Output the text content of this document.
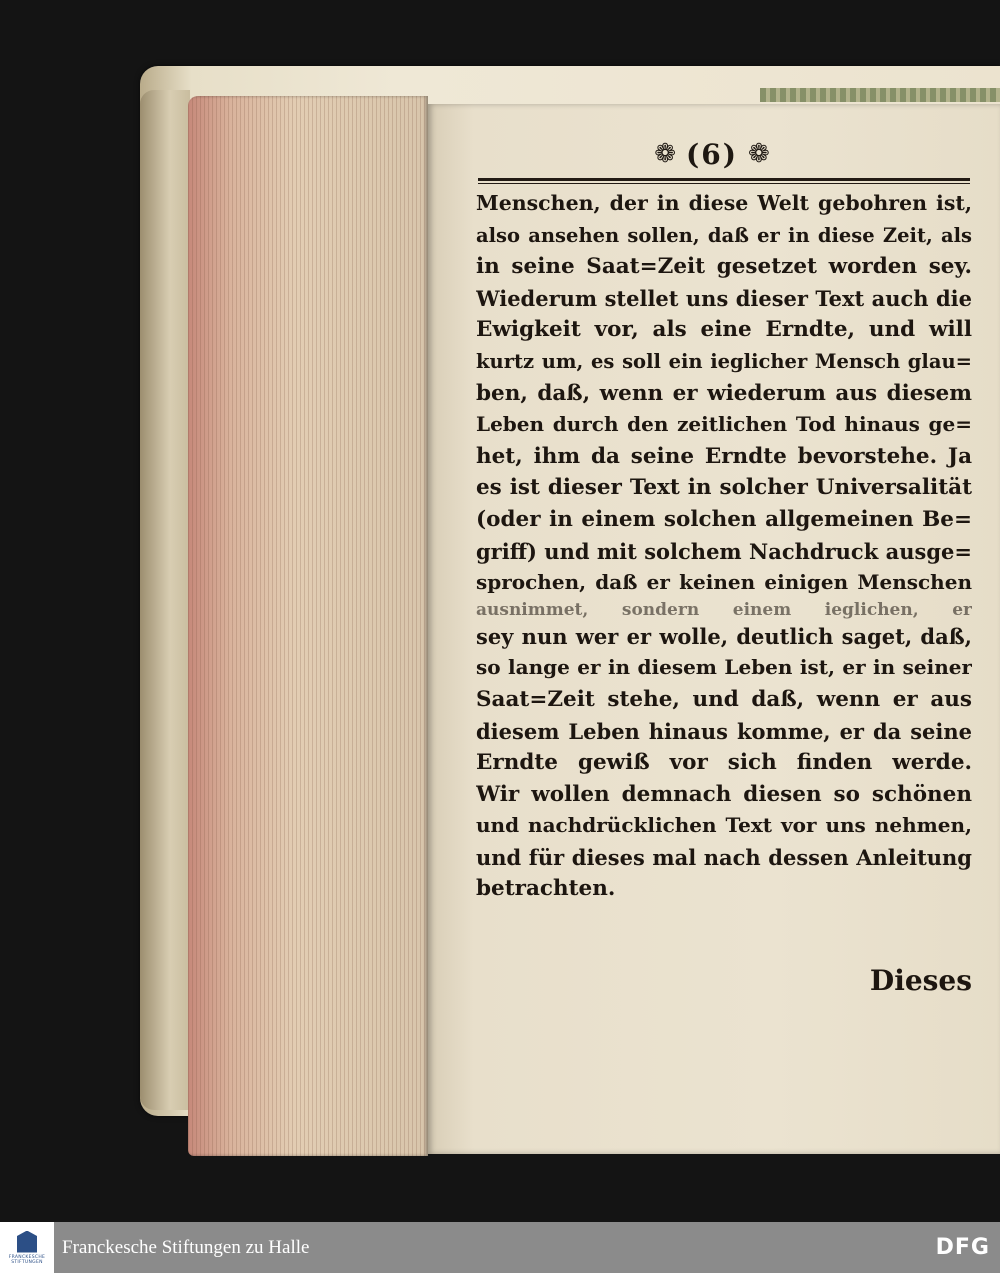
❁ (6) ❁
Menschen, der in diese Welt gebohren ist,
also ansehen sollen, daß er in diese Zeit, als
in seine Saat=Zeit gesetzet worden sey.
Wiederum stellet uns dieser Text auch die
Ewigkeit vor, als eine Erndte, und will
kurtz um, es soll ein ieglicher Mensch glau=
ben, daß, wenn er wiederum aus diesem
Leben durch den zeitlichen Tod hinaus ge=
het, ihm da seine Erndte bevorstehe. Ja
es ist dieser Text in solcher Universalität
(oder in einem solchen allgemeinen Be=
griff) und mit solchem Nachdruck ausge=
sprochen, daß er keinen einigen Menschen
ausnimmet, sondern einem ieglichen, er
sey nun wer er wolle, deutlich saget, daß,
so lange er in diesem Leben ist, er in seiner
Saat=Zeit stehe, und daß, wenn er aus
diesem Leben hinaus komme, er da seine
Erndte gewiß vor sich finden werde.
Wir wollen demnach diesen so schönen
und nachdrücklichen Text vor uns nehmen,
und für dieses mal nach dessen Anleitung
betrachten.
Dieses
FRANCKESCHE STIFTUNGEN
Franckesche Stiftungen zu Halle	DFG
